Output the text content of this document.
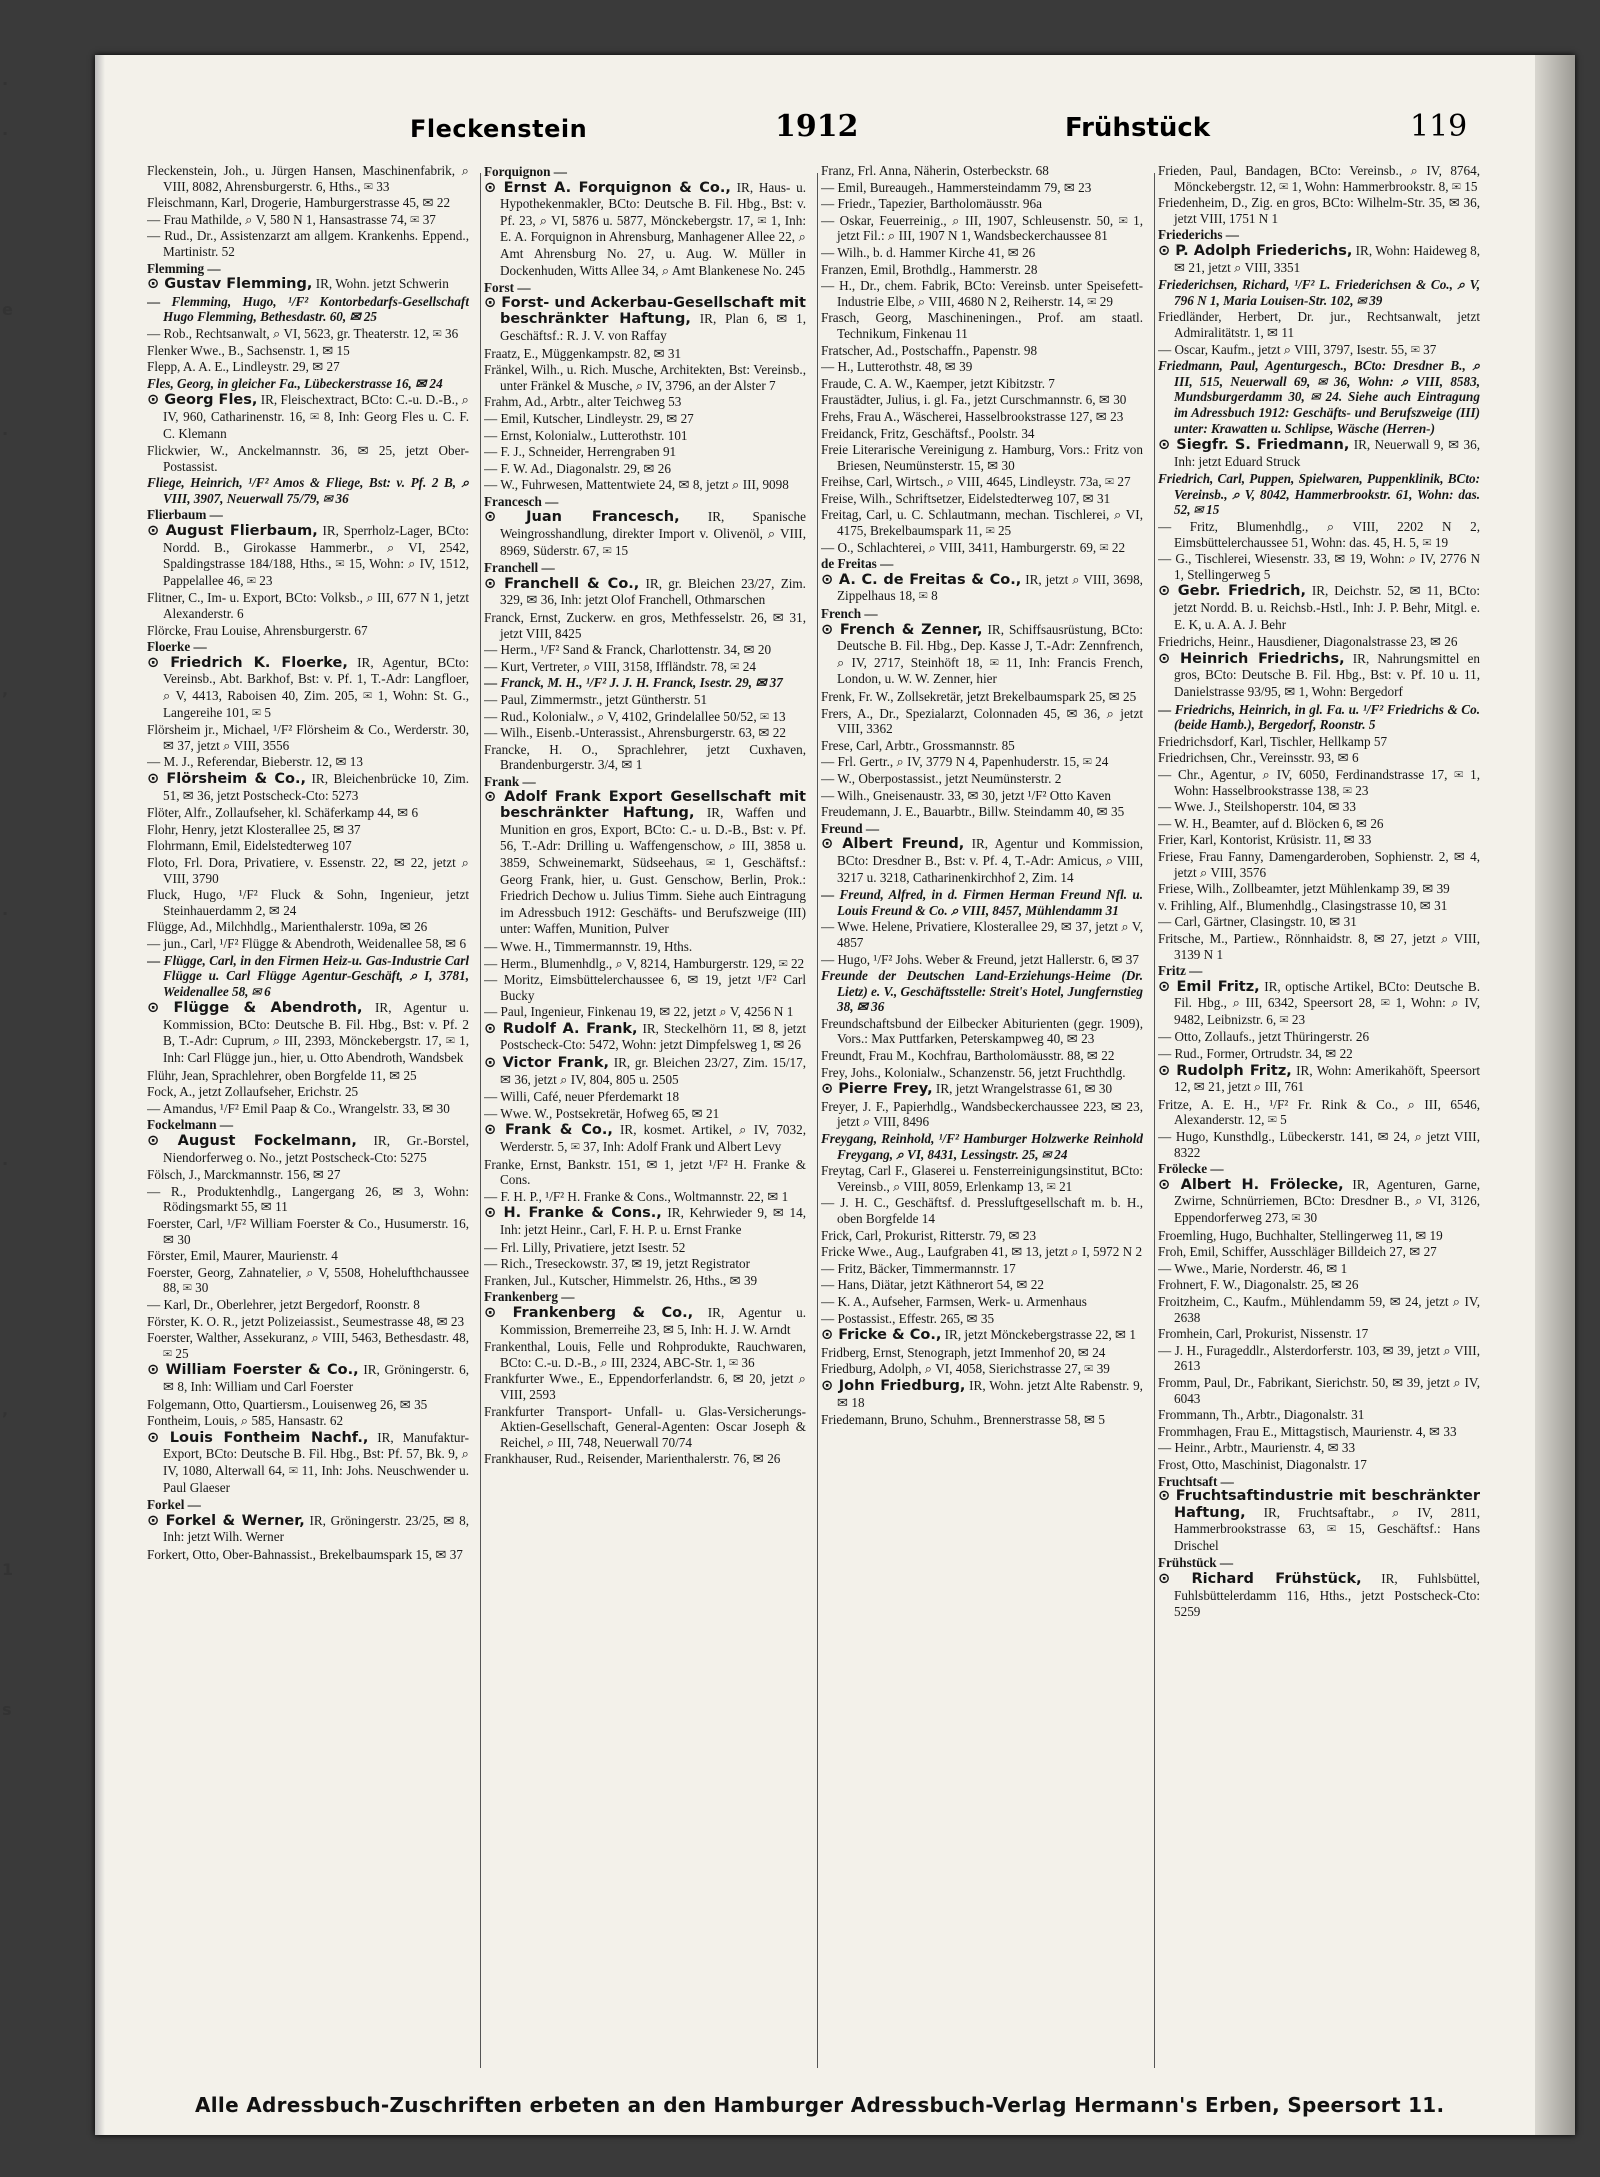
.
.
e
.
,
.
.
,
1
s
Fleckenstein	1912	Frühstück	119
Fleckenstein, Joh., u. Jürgen Hansen, Maschinenfabrik, ⌕ VIII, 8082, Ahrensburgerstr. 6, Hths., ✉ 33
Fleischmann, Karl, Drogerie, Hamburgerstrasse 45, ✉ 22
— Frau Mathilde, ⌕ V, 580 N 1, Hansastrasse 74, ✉ 37
— Rud., Dr., Assistenzarzt am allgem. Krankenhs. Eppend., Martinistr. 52
Flemming —
⊙ Gustav Flemming, IR, Wohn. jetzt Schwerin
— Flemming, Hugo, ¹/F² Kontorbedarfs-Gesellschaft Hugo Flemming, Bethesdastr. 60, ✉ 25
— Rob., Rechtsanwalt, ⌕ VI, 5623, gr. Theaterstr. 12, ✉ 36
Flenker Wwe., B., Sachsenstr. 1, ✉ 15
Flepp, A. A. E., Lindleystr. 29, ✉ 27
Fles, Georg, in gleicher Fa., Lübeckerstrasse 16, ✉ 24
⊙ Georg Fles, IR, Fleischextract, BCto: C.-u. D.-B., ⌕ IV, 960, Catharinenstr. 16, ✉ 8, Inh: Georg Fles u. C. F. C. Klemann
Flickwier, W., Anckelmannstr. 36, ✉ 25, jetzt Ober-Postassist.
Fliege, Heinrich, ¹/F² Amos & Fliege, Bst: v. Pf. 2 B, ⌕ VIII, 3907, Neuerwall 75/79, ✉ 36
Flierbaum —
⊙ August Flierbaum, IR, Sperrholz-Lager, BCto: Nordd. B., Girokasse Hammerbr., ⌕ VI, 2542, Spaldingstrasse 184/188, Hths., ✉ 15, Wohn: ⌕ IV, 1512, Pappelallee 46, ✉ 23
Flitner, C., Im- u. Export, BCto: Volksb., ⌕ III, 677 N 1, jetzt Alexanderstr. 6
Flörcke, Frau Louise, Ahrensburgerstr. 67
Floerke —
⊙ Friedrich K. Floerke, IR, Agentur, BCto: Vereinsb., Abt. Barkhof, Bst: v. Pf. 1, T.-Adr: Langfloer, ⌕ V, 4413, Raboisen 40, Zim. 205, ✉ 1, Wohn: St. G., Langereihe 101, ✉ 5
Flörsheim jr., Michael, ¹/F² Flörsheim & Co., Werderstr. 30, ✉ 37, jetzt ⌕ VIII, 3556
— M. J., Referendar, Bieberstr. 12, ✉ 13
⊙ Flörsheim & Co., IR, Bleichenbrücke 10, Zim. 51, ✉ 36, jetzt Postscheck-Cto: 5273
Flöter, Alfr., Zollaufseher, kl. Schäferkamp 44, ✉ 6
Flohr, Henry, jetzt Klosterallee 25, ✉ 37
Flohrmann, Emil, Eidelstedterweg 107
Floto, Frl. Dora, Privatiere, v. Essenstr. 22, ✉ 22, jetzt ⌕ VIII, 3790
Fluck, Hugo, ¹/F² Fluck & Sohn, Ingenieur, jetzt Steinhauerdamm 2, ✉ 24
Flügge, Ad., Milchhdlg., Marienthalerstr. 109a, ✉ 26
— jun., Carl, ¹/F² Flügge & Abendroth, Weidenallee 58, ✉ 6
— Flügge, Carl, in den Firmen Heiz-u. Gas-Industrie Carl Flügge u. Carl Flügge Agentur-Geschäft, ⌕ I, 3781, Weidenallee 58, ✉ 6
⊙ Flügge & Abendroth, IR, Agentur u. Kommission, BCto: Deutsche B. Fil. Hbg., Bst: v. Pf. 2 B, T.-Adr: Cuprum, ⌕ III, 2393, Mönckebergstr. 17, ✉ 1, Inh: Carl Flügge jun., hier, u. Otto Abendroth, Wandsbek
Flühr, Jean, Sprachlehrer, oben Borgfelde 11, ✉ 25
Fock, A., jetzt Zollaufseher, Erichstr. 25
— Amandus, ¹/F² Emil Paap & Co., Wrangelstr. 33, ✉ 30
Fockelmann —
⊙ August Fockelmann, IR, Gr.-Borstel, Niendorferweg o. No., jetzt Postscheck-Cto: 5275
Fölsch, J., Marckmannstr. 156, ✉ 27
— R., Produktenhdlg., Langergang 26, ✉ 3, Wohn: Rödingsmarkt 55, ✉ 11
Foerster, Carl, ¹/F² William Foerster & Co., Husumerstr. 16, ✉ 30
Förster, Emil, Maurer, Maurienstr. 4
Foerster, Georg, Zahnatelier, ⌕ V, 5508, Hohelufthchaussee 88, ✉ 30
— Karl, Dr., Oberlehrer, jetzt Bergedorf, Roonstr. 8
Förster, K. O. R., jetzt Polizeiassist., Seumestrasse 48, ✉ 23
Foerster, Walther, Assekuranz, ⌕ VIII, 5463, Bethesdastr. 48, ✉ 25
⊙ William Foerster & Co., IR, Gröningerstr. 6, ✉ 8, Inh: William und Carl Foerster
Folgemann, Otto, Quartiersm., Louisenweg 26, ✉ 35
Fontheim, Louis, ⌕ 585, Hansastr. 62
⊙ Louis Fontheim Nachf., IR, Manufaktur-Export, BCto: Deutsche B. Fil. Hbg., Bst: Pf. 57, Bk. 9, ⌕ IV, 1080, Alterwall 64, ✉ 11, Inh: Johs. Neuschwender u. Paul Glaeser
Forkel —
⊙ Forkel & Werner, IR, Gröningerstr. 23/25, ✉ 8, Inh: jetzt Wilh. Werner
Forkert, Otto, Ober-Bahnassist., Brekelbaumspark 15, ✉ 37
Forquignon —
⊙ Ernst A. Forquignon & Co., IR, Haus- u. Hypothekenmakler, BCto: Deutsche B. Fil. Hbg., Bst: v. Pf. 23, ⌕ VI, 5876 u. 5877, Mönckebergstr. 17, ✉ 1, Inh: E. A. Forquignon in Ahrensburg, Manhagener Allee 22, ⌕ Amt Ahrensburg No. 27, u. Aug. W. Müller in Dockenhuden, Witts Allee 34, ⌕ Amt Blankenese No. 245
Forst —
⊙ Forst- und Ackerbau-Gesellschaft mit beschränkter Haftung, IR, Plan 6, ✉ 1, Geschäftsf.: R. J. V. von Raffay
Fraatz, E., Müggenkampstr. 82, ✉ 31
Fränkel, Wilh., u. Rich. Musche, Architekten, Bst: Vereinsb., unter Fränkel & Musche, ⌕ IV, 3796, an der Alster 7
Frahm, Ad., Arbtr., alter Teichweg 53
— Emil, Kutscher, Lindleystr. 29, ✉ 27
— Ernst, Kolonialw., Lutterothstr. 101
— F. J., Schneider, Herrengraben 91
— F. W. Ad., Diagonalstr. 29, ✉ 26
— W., Fuhrwesen, Mattentwiete 24, ✉ 8, jetzt ⌕ III, 9098
Francesch —
⊙ Juan Francesch, IR, Spanische Weingrosshandlung, direkter Import v. Olivenöl, ⌕ VIII, 8969, Süderstr. 67, ✉ 15
Franchell —
⊙ Franchell & Co., IR, gr. Bleichen 23/27, Zim. 329, ✉ 36, Inh: jetzt Olof Franchell, Othmarschen
Franck, Ernst, Zuckerw. en gros, Methfesselstr. 26, ✉ 31, jetzt VIII, 8425
— Herm., ¹/F² Sand & Franck, Charlottenstr. 34, ✉ 20
— Kurt, Vertreter, ⌕ VIII, 3158, Iffländstr. 78, ✉ 24
— Franck, M. H., ¹/F² J. J. H. Franck, Isestr. 29, ✉ 37
— Paul, Zimmermstr., jetzt Güntherstr. 51
— Rud., Kolonialw., ⌕ V, 4102, Grindelallee 50/52, ✉ 13
— Wilh., Eisenb.-Unterassist., Ahrensburgerstr. 63, ✉ 22
Francke, H. O., Sprachlehrer, jetzt Cuxhaven, Brandenburgerstr. 3/4, ✉ 1
Frank —
⊙ Adolf Frank Export Gesellschaft mit beschränkter Haftung, IR, Waffen und Munition en gros, Export, BCto: C.- u. D.-B., Bst: v. Pf. 56, T.-Adr: Drilling u. Waffengenschow, ⌕ III, 3858 u. 3859, Schweinemarkt, Südseehaus, ✉ 1, Geschäftsf.: Georg Frank, hier, u. Gust. Genschow, Berlin, Prok.: Friedrich Dechow u. Julius Timm. Siehe auch Eintragung im Adressbuch 1912: Geschäfts- und Berufszweige (III) unter: Waffen, Munition, Pulver
— Wwe. H., Timmermannstr. 19, Hths.
— Herm., Blumenhdlg., ⌕ V, 8214, Hamburgerstr. 129, ✉ 22
— Moritz, Eimsbüttelerchaussee 6, ✉ 19, jetzt ¹/F² Carl Bucky
— Paul, Ingenieur, Finkenau 19, ✉ 22, jetzt ⌕ V, 4256 N 1
⊙ Rudolf A. Frank, IR, Steckelhörn 11, ✉ 8, jetzt Postscheck-Cto: 5472, Wohn: jetzt Dimpfelsweg 1, ✉ 26
⊙ Victor Frank, IR, gr. Bleichen 23/27, Zim. 15/17, ✉ 36, jetzt ⌕ IV, 804, 805 u. 2505
— Willi, Café, neuer Pferdemarkt 18
— Wwe. W., Postsekretär, Hofweg 65, ✉ 21
⊙ Frank & Co., IR, kosmet. Artikel, ⌕ IV, 7032, Werderstr. 5, ✉ 37, Inh: Adolf Frank und Albert Levy
Franke, Ernst, Bankstr. 151, ✉ 1, jetzt ¹/F² H. Franke & Cons.
— F. H. P., ¹/F² H. Franke & Cons., Woltmannstr. 22, ✉ 1
⊙ H. Franke & Cons., IR, Kehrwieder 9, ✉ 14, Inh: jetzt Heinr., Carl, F. H. P. u. Ernst Franke
— Frl. Lilly, Privatiere, jetzt Isestr. 52
— Rich., Treseckowstr. 37, ✉ 19, jetzt Registrator
Franken, Jul., Kutscher, Himmelstr. 26, Hths., ✉ 39
Frankenberg —
⊙ Frankenberg & Co., IR, Agentur u. Kommission, Bremerreihe 23, ✉ 5, Inh: H. J. W. Arndt
Frankenthal, Louis, Felle und Rohprodukte, Rauchwaren, BCto: C.-u. D.-B., ⌕ III, 2324, ABC-Str. 1, ✉ 36
Frankfurter Wwe., E., Eppendorferlandstr. 6, ✉ 20, jetzt ⌕ VIII, 2593
Frankfurter Transport- Unfall- u. Glas-Versicherungs-Aktien-Gesellschaft, General-Agenten: Oscar Joseph & Reichel, ⌕ III, 748, Neuerwall 70/74
Frankhauser, Rud., Reisender, Marienthalerstr. 76, ✉ 26
Franz, Frl. Anna, Näherin, Osterbeckstr. 68
— Emil, Bureaugeh., Hammersteindamm 79, ✉ 23
— Friedr., Tapezier, Bartholomäusstr. 96a
— Oskar, Feuerreinig., ⌕ III, 1907, Schleusenstr. 50, ✉ 1, jetzt Fil.: ⌕ III, 1907 N 1, Wandsbeckerchaussee 81
— Wilh., b. d. Hammer Kirche 41, ✉ 26
Franzen, Emil, Brothdlg., Hammerstr. 28
— H., Dr., chem. Fabrik, BCto: Vereinsb. unter Speisefett-Industrie Elbe, ⌕ VIII, 4680 N 2, Reiherstr. 14, ✉ 29
Frasch, Georg, Maschineningen., Prof. am staatl. Technikum, Finkenau 11
Fratscher, Ad., Postschaffn., Papenstr. 98
— H., Lutterothstr. 48, ✉ 39
Fraude, C. A. W., Kaemper, jetzt Kibitzstr. 7
Fraustädter, Julius, i. gl. Fa., jetzt Curschmannstr. 6, ✉ 30
Frehs, Frau A., Wäscherei, Hasselbrookstrasse 127, ✉ 23
Freidanck, Fritz, Geschäftsf., Poolstr. 34
Freie Literarische Vereinigung z. Hamburg, Vors.: Fritz von Briesen, Neumünsterstr. 15, ✉ 30
Freihse, Carl, Wirtsch., ⌕ VIII, 4645, Lindleystr. 73a, ✉ 27
Freise, Wilh., Schriftsetzer, Eidelstedterweg 107, ✉ 31
Freitag, Carl, u. C. Schlautmann, mechan. Tischlerei, ⌕ VI, 4175, Brekelbaumspark 11, ✉ 25
— O., Schlachterei, ⌕ VIII, 3411, Hamburgerstr. 69, ✉ 22
de Freitas —
⊙ A. C. de Freitas & Co., IR, jetzt ⌕ VIII, 3698, Zippelhaus 18, ✉ 8
French —
⊙ French & Zenner, IR, Schiffsausrüstung, BCto: Deutsche B. Fil. Hbg., Dep. Kasse J, T.-Adr: Zennfrench, ⌕ IV, 2717, Steinhöft 18, ✉ 11, Inh: Francis French, London, u. W. W. Zenner, hier
Frenk, Fr. W., Zollsekretär, jetzt Brekelbaumspark 25, ✉ 25
Frers, A., Dr., Spezialarzt, Colonnaden 45, ✉ 36, ⌕ jetzt VIII, 3362
Frese, Carl, Arbtr., Grossmannstr. 85
— Frl. Gertr., ⌕ IV, 3779 N 4, Papenhuderstr. 15, ✉ 24
— W., Oberpostassist., jetzt Neumünsterstr. 2
— Wilh., Gneisenaustr. 33, ✉ 30, jetzt ¹/F² Otto Kaven
Freudemann, J. E., Bauarbtr., Billw. Steindamm 40, ✉ 35
Freund —
⊙ Albert Freund, IR, Agentur und Kommission, BCto: Dresdner B., Bst: v. Pf. 4, T.-Adr: Amicus, ⌕ VIII, 3217 u. 3218, Catharinenkirchhof 2, Zim. 14
— Freund, Alfred, in d. Firmen Herman Freund Nfl. u. Louis Freund & Co. ⌕ VIII, 8457, Mühlendamm 31
— Wwe. Helene, Privatiere, Klosterallee 29, ✉ 37, jetzt ⌕ V, 4857
— Hugo, ¹/F² Johs. Weber & Freund, jetzt Hallerstr. 6, ✉ 37
Freunde der Deutschen Land-Erziehungs-Heime (Dr. Lietz) e. V., Geschäftsstelle: Streit's Hotel, Jungfernstieg 38, ✉ 36
Freundschaftsbund der Eilbecker Abiturienten (gegr. 1909), Vors.: Max Puttfarken, Peterskampweg 40, ✉ 23
Freundt, Frau M., Kochfrau, Bartholomäusstr. 88, ✉ 22
Frey, Johs., Kolonialw., Schanzenstr. 56, jetzt Fruchthdlg.
⊙ Pierre Frey, IR, jetzt Wrangelstrasse 61, ✉ 30
Freyer, J. F., Papierhdlg., Wandsbeckerchaussee 223, ✉ 23, jetzt ⌕ VIII, 8496
Freygang, Reinhold, ¹/F² Hamburger Holzwerke Reinhold Freygang, ⌕ VI, 8431, Lessingstr. 25, ✉ 24
Freytag, Carl F., Glaserei u. Fensterreinigungsinstitut, BCto: Vereinsb., ⌕ VIII, 8059, Erlenkamp 13, ✉ 21
— J. H. C., Geschäftsf. d. Pressluftgesellschaft m. b. H., oben Borgfelde 14
Frick, Carl, Prokurist, Ritterstr. 79, ✉ 23
Fricke Wwe., Aug., Laufgraben 41, ✉ 13, jetzt ⌕ I, 5972 N 2
— Fritz, Bäcker, Timmermannstr. 17
— Hans, Diätar, jetzt Käthnerort 54, ✉ 22
— K. A., Aufseher, Farmsen, Werk- u. Armenhaus
— Postassist., Effestr. 265, ✉ 35
⊙ Fricke & Co., IR, jetzt Mönckebergstrasse 22, ✉ 1
Fridberg, Ernst, Stenograph, jetzt Immenhof 20, ✉ 24
Friedburg, Adolph, ⌕ VI, 4058, Sierichstrasse 27, ✉ 39
⊙ John Friedburg, IR, Wohn. jetzt Alte Rabenstr. 9, ✉ 18
Friedemann, Bruno, Schuhm., Brennerstrasse 58, ✉ 5
Frieden, Paul, Bandagen, BCto: Vereinsb., ⌕ IV, 8764, Mönckebergstr. 12, ✉ 1, Wohn: Hammerbrookstr. 8, ✉ 15
Friedenheim, D., Zig. en gros, BCto: Wilhelm-Str. 35, ✉ 36, jetzt VIII, 1751 N 1
Friederichs —
⊙ P. Adolph Friederichs, IR, Wohn: Haideweg 8, ✉ 21, jetzt ⌕ VIII, 3351
Friederichsen, Richard, ¹/F² L. Friederichsen & Co., ⌕ V, 796 N 1, Maria Louisen-Str. 102, ✉ 39
Friedländer, Herbert, Dr. jur., Rechtsanwalt, jetzt Admiralitätstr. 1, ✉ 11
— Oscar, Kaufm., jetzt ⌕ VIII, 3797, Isestr. 55, ✉ 37
Friedmann, Paul, Agenturgesch., BCto: Dresdner B., ⌕ III, 515, Neuerwall 69, ✉ 36, Wohn: ⌕ VIII, 8583, Mundsburgerdamm 30, ✉ 24. Siehe auch Eintragung im Adressbuch 1912: Geschäfts- und Berufszweige (III) unter: Krawatten u. Schlipse, Wäsche (Herren-)
⊙ Siegfr. S. Friedmann, IR, Neuerwall 9, ✉ 36, Inh: jetzt Eduard Struck
Friedrich, Carl, Puppen, Spielwaren, Puppenklinik, BCto: Vereinsb., ⌕ V, 8042, Hammerbrookstr. 61, Wohn: das. 52, ✉ 15
— Fritz, Blumenhdlg., ⌕ VIII, 2202 N 2, Eimsbüttelerchaussee 51, Wohn: das. 45, H. 5, ✉ 19
— G., Tischlerei, Wiesenstr. 33, ✉ 19, Wohn: ⌕ IV, 2776 N 1, Stellingerweg 5
⊙ Gebr. Friedrich, IR, Deichstr. 52, ✉ 11, BCto: jetzt Nordd. B. u. Reichsb.-Hstl., Inh: J. P. Behr, Mitgl. e. E. K, u. A. A. J. Behr
Friedrichs, Heinr., Hausdiener, Diagonalstrasse 23, ✉ 26
⊙ Heinrich Friedrichs, IR, Nahrungsmittel en gros, BCto: Deutsche B. Fil. Hbg., Bst: v. Pf. 10 u. 11, Danielstrasse 93/95, ✉ 1, Wohn: Bergedorf
— Friedrichs, Heinrich, in gl. Fa. u. ¹/F² Friedrichs & Co. (beide Hamb.), Bergedorf, Roonstr. 5
Friedrichsdorf, Karl, Tischler, Hellkamp 57
Friedrichsen, Chr., Vereinsstr. 93, ✉ 6
— Chr., Agentur, ⌕ IV, 6050, Ferdinandstrasse 17, ✉ 1, Wohn: Hasselbrookstrasse 138, ✉ 23
— Wwe. J., Steilshoperstr. 104, ✉ 33
— W. H., Beamter, auf d. Blöcken 6, ✉ 26
Frier, Karl, Kontorist, Krüsistr. 11, ✉ 33
Friese, Frau Fanny, Damengarderoben, Sophienstr. 2, ✉ 4, jetzt ⌕ VIII, 3576
Friese, Wilh., Zollbeamter, jetzt Mühlenkamp 39, ✉ 39
v. Frihling, Alf., Blumenhdlg., Clasingstrasse 10, ✉ 31
— Carl, Gärtner, Clasingstr. 10, ✉ 31
Fritsche, M., Partiew., Rönnhaidstr. 8, ✉ 27, jetzt ⌕ VIII, 3139 N 1
Fritz —
⊙ Emil Fritz, IR, optische Artikel, BCto: Deutsche B. Fil. Hbg., ⌕ III, 6342, Speersort 28, ✉ 1, Wohn: ⌕ IV, 9482, Leibnizstr. 6, ✉ 23
— Otto, Zollaufs., jetzt Thüringerstr. 26
— Rud., Former, Ortrudstr. 34, ✉ 22
⊙ Rudolph Fritz, IR, Wohn: Amerikahöft, Speersort 12, ✉ 21, jetzt ⌕ III, 761
Fritze, A. E. H., ¹/F² Fr. Rink & Co., ⌕ III, 6546, Alexanderstr. 12, ✉ 5
— Hugo, Kunsthdlg., Lübeckerstr. 141, ✉ 24, ⌕ jetzt VIII, 8322
Frölecke —
⊙ Albert H. Frölecke, IR, Agenturen, Garne, Zwirne, Schnürriemen, BCto: Dresdner B., ⌕ VI, 3126, Eppendorferweg 273, ✉ 30
Froemling, Hugo, Buchhalter, Stellingerweg 11, ✉ 19
Froh, Emil, Schiffer, Ausschläger Billdeich 27, ✉ 27
— Wwe., Marie, Norderstr. 46, ✉ 1
Frohnert, F. W., Diagonalstr. 25, ✉ 26
Froitzheim, C., Kaufm., Mühlendamm 59, ✉ 24, jetzt ⌕ IV, 2638
Fromhein, Carl, Prokurist, Nissenstr. 17
— J. H., Furageddlr., Alsterdorferstr. 103, ✉ 39, jetzt ⌕ VIII, 2613
Fromm, Paul, Dr., Fabrikant, Sierichstr. 50, ✉ 39, jetzt ⌕ IV, 6043
Frommann, Th., Arbtr., Diagonalstr. 31
Frommhagen, Frau E., Mittagstisch, Maurienstr. 4, ✉ 33
— Heinr., Arbtr., Maurienstr. 4, ✉ 33
Frost, Otto, Maschinist, Diagonalstr. 17
Fruchtsaft —
⊙ Fruchtsaftindustrie mit beschränkter Haftung, IR, Fruchtsaftabr., ⌕ IV, 2811, Hammerbrookstrasse 63, ✉ 15, Geschäftsf.: Hans Drischel
Frühstück —
⊙ Richard Frühstück, IR, Fuhlsbüttel, Fuhlsbüttelerdamm 116, Hths., jetzt Postscheck-Cto: 5259
Alle Adressbuch-Zuschriften erbeten an den Hamburger Adressbuch-Verlag Hermann's Erben, Speersort 11.
